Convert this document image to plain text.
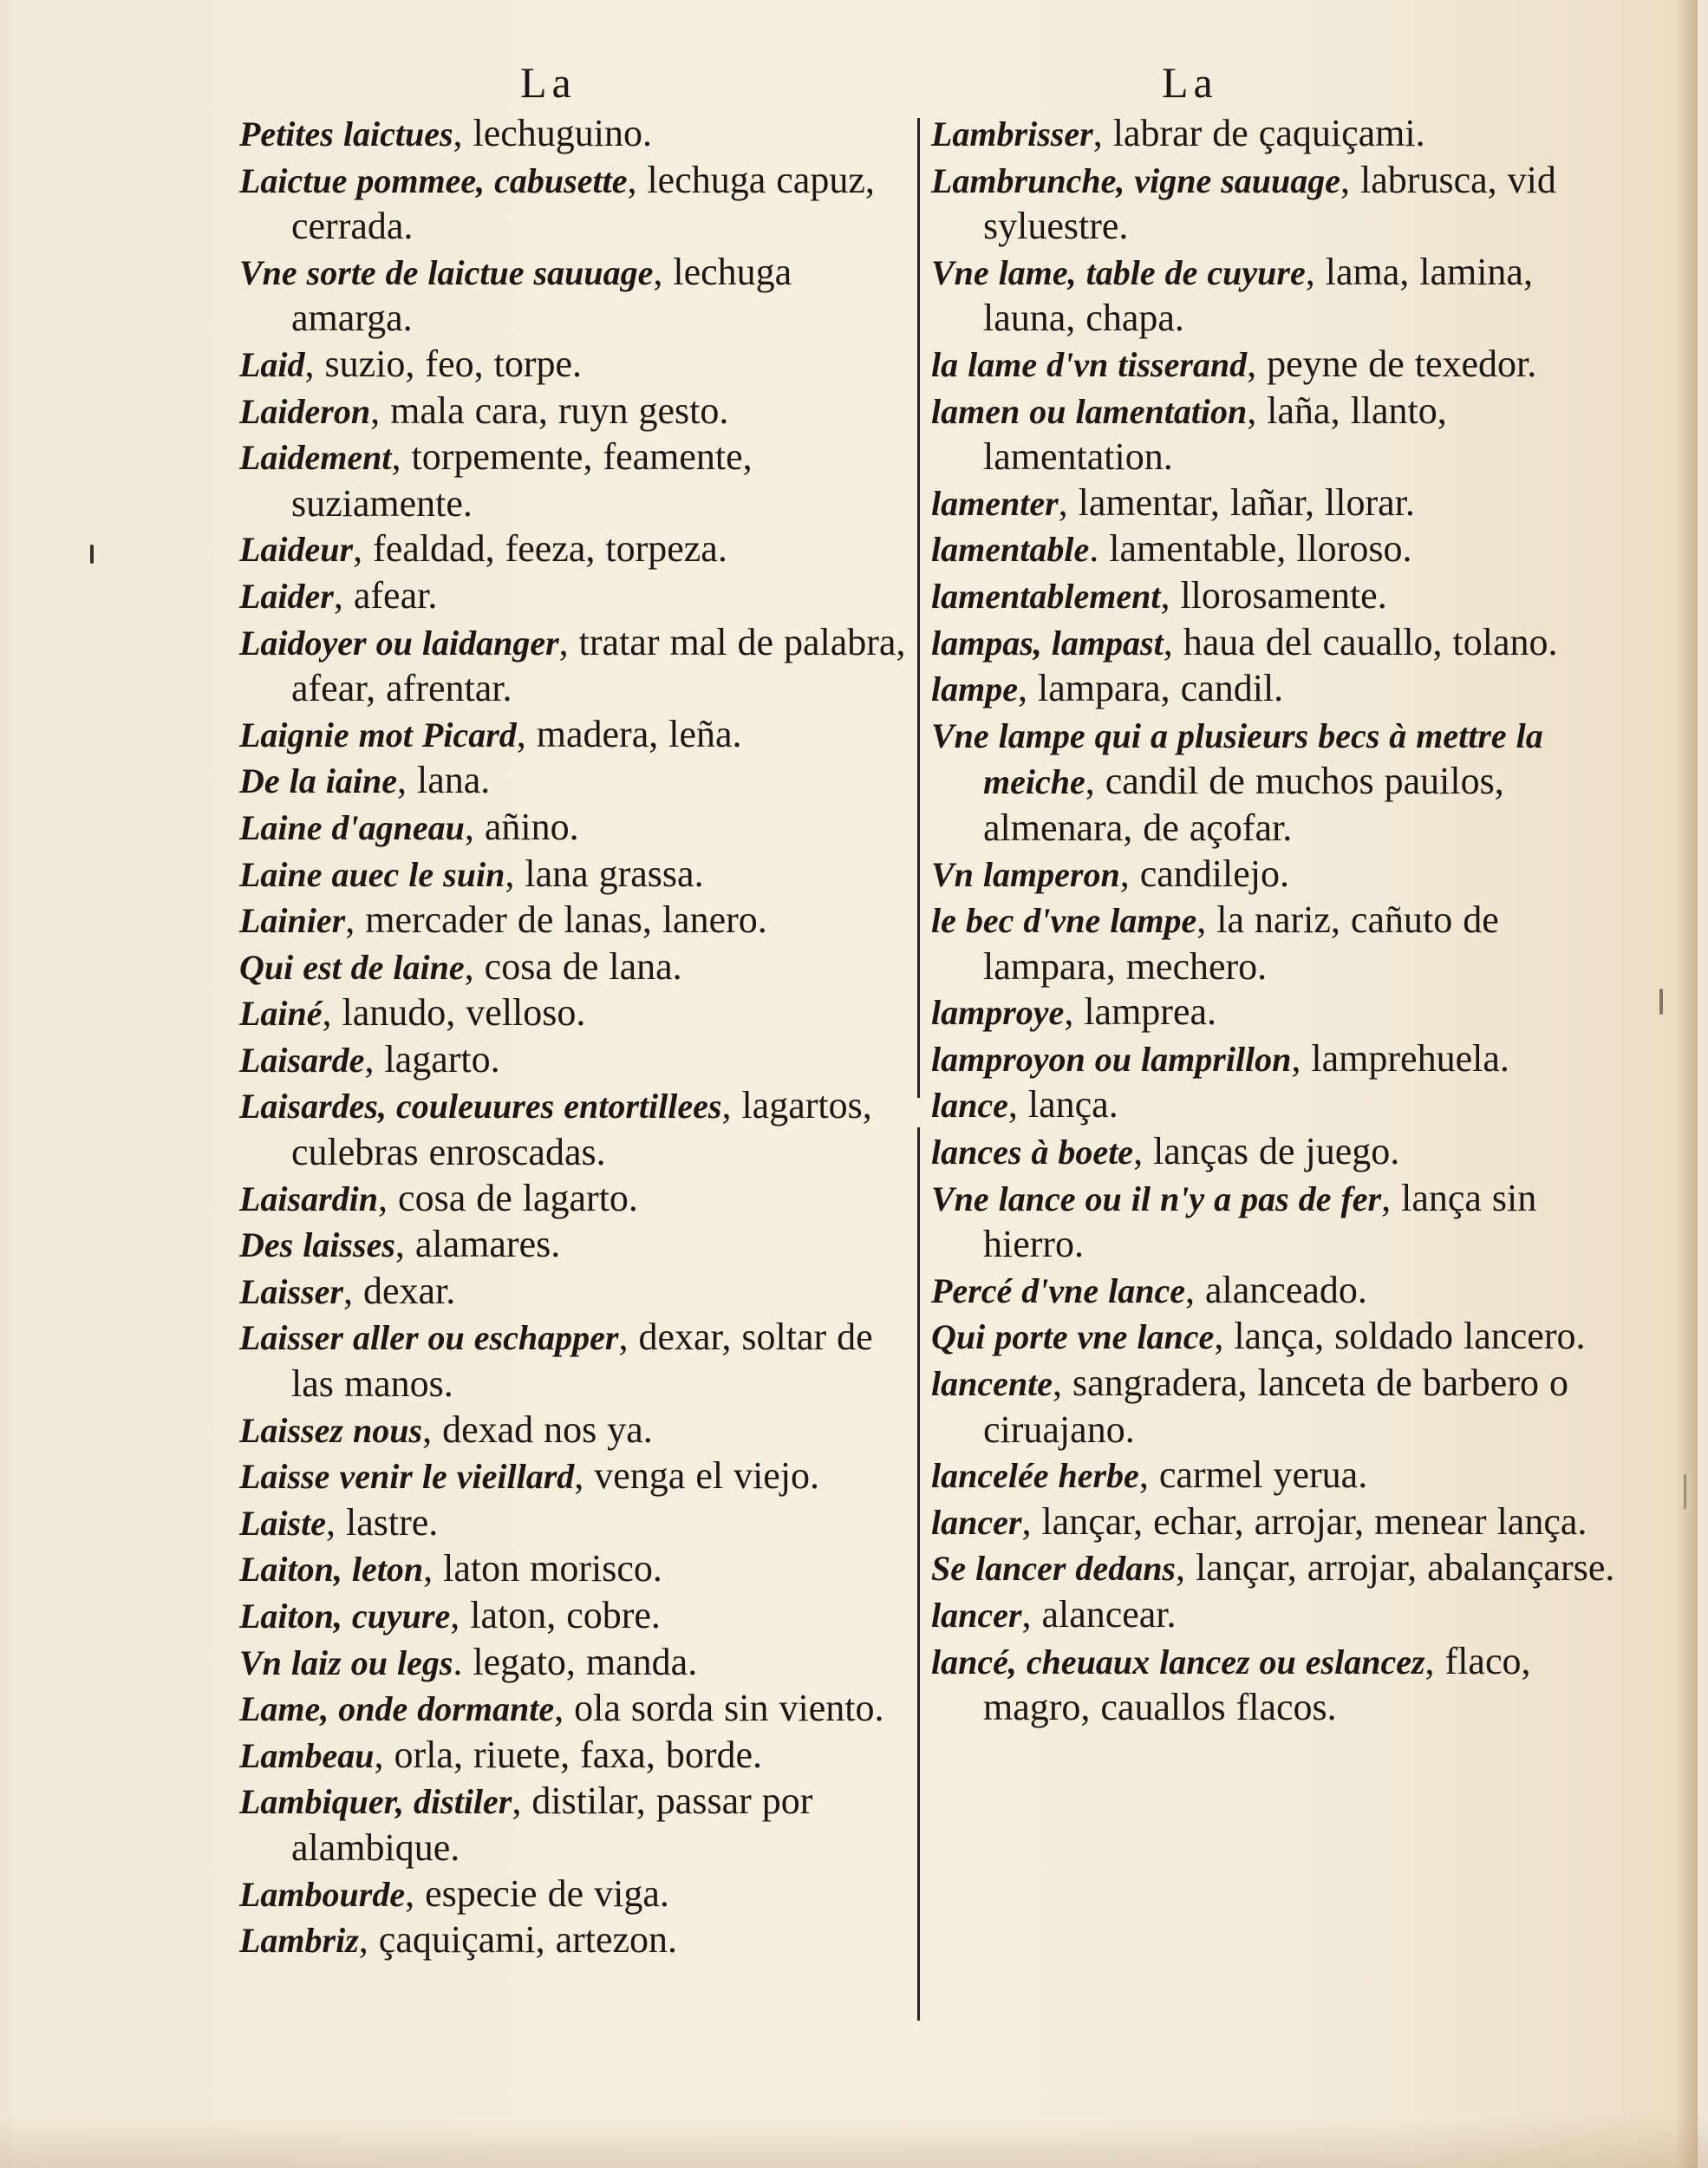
La	La
Petites laictues, lechuguino.
Laictue pommee, cabusette, lechuga capuz, cerrada.
Vne sorte de laictue sauuage, lechuga amarga.
Laid, suzio, feo, torpe.
Laideron, mala cara, ruyn gesto.
Laidement, torpemente, feamente, suziamente.
Laideur, fealdad, feeza, torpeza.
Laider, afear.
Laidoyer ou laidanger, tratar mal de palabra, afear, afrentar.
Laignie mot Picard, madera, leña.
De la iaine, lana.
Laine d'agneau, añino.
Laine auec le suin, lana grassa.
Lainier, mercader de lanas, lanero.
Qui est de laine, cosa de lana.
Lainé, lanudo, velloso.
Laisarde, lagarto.
Laisardes, couleuures entortillees, lagartos, culebras enroscadas.
Laisardin, cosa de lagarto.
Des laisses, alamares.
Laisser, dexar.
Laisser aller ou eschapper, dexar, soltar de las manos.
Laissez nous, dexad nos ya.
Laisse venir le vieillard, venga el viejo.
Laiste, lastre.
Laiton, leton, laton morisco.
Laiton, cuyure, laton, cobre.
Vn laiz ou legs. legato, manda.
Lame, onde dormante, ola sorda sin viento.
Lambeau, orla, riuete, faxa, borde.
Lambiquer, distiler, distilar, passar por alambique.
Lambourde, especie de viga.
Lambriz, çaquiçami, artezon.
Lambrisser, labrar de çaquiçami.
Lambrunche, vigne sauuage, labrusca, vid syluestre.
Vne lame, table de cuyure, lama, lamina, launa, chapa.
la lame d'vn tisserand, peyne de texedor.
lamen ou lamentation, laña, llanto, lamentation.
lamenter, lamentar, lañar, llorar.
lamentable. lamentable, lloroso.
lamentablement, llorosamente.
lampas, lampast, haua del cauallo, tolano.
lampe, lampara, candil.
Vne lampe qui a plusieurs becs à mettre la meiche, candil de muchos pauilos, almenara, de açofar.
Vn lamperon, candilejo.
le bec d'vne lampe, la nariz, cañuto de lampara, mechero.
lamproye, lamprea.
lamproyon ou lamprillon, lamprehuela.
lance, lança.
lances à boete, lanças de juego.
Vne lance ou il n'y a pas de fer, lança sin hierro.
Percé d'vne lance, alanceado.
Qui porte vne lance, lança, soldado lancero.
lancente, sangradera, lanceta de barbero o ciruajano.
lancelée herbe, carmel yerua.
lancer, lançar, echar, arrojar, menear lança.
Se lancer dedans, lançar, arrojar, abalançarse.
lancer, alancear.
lancé, cheuaux lancez ou eslancez, flaco, magro, cauallos flacos.
